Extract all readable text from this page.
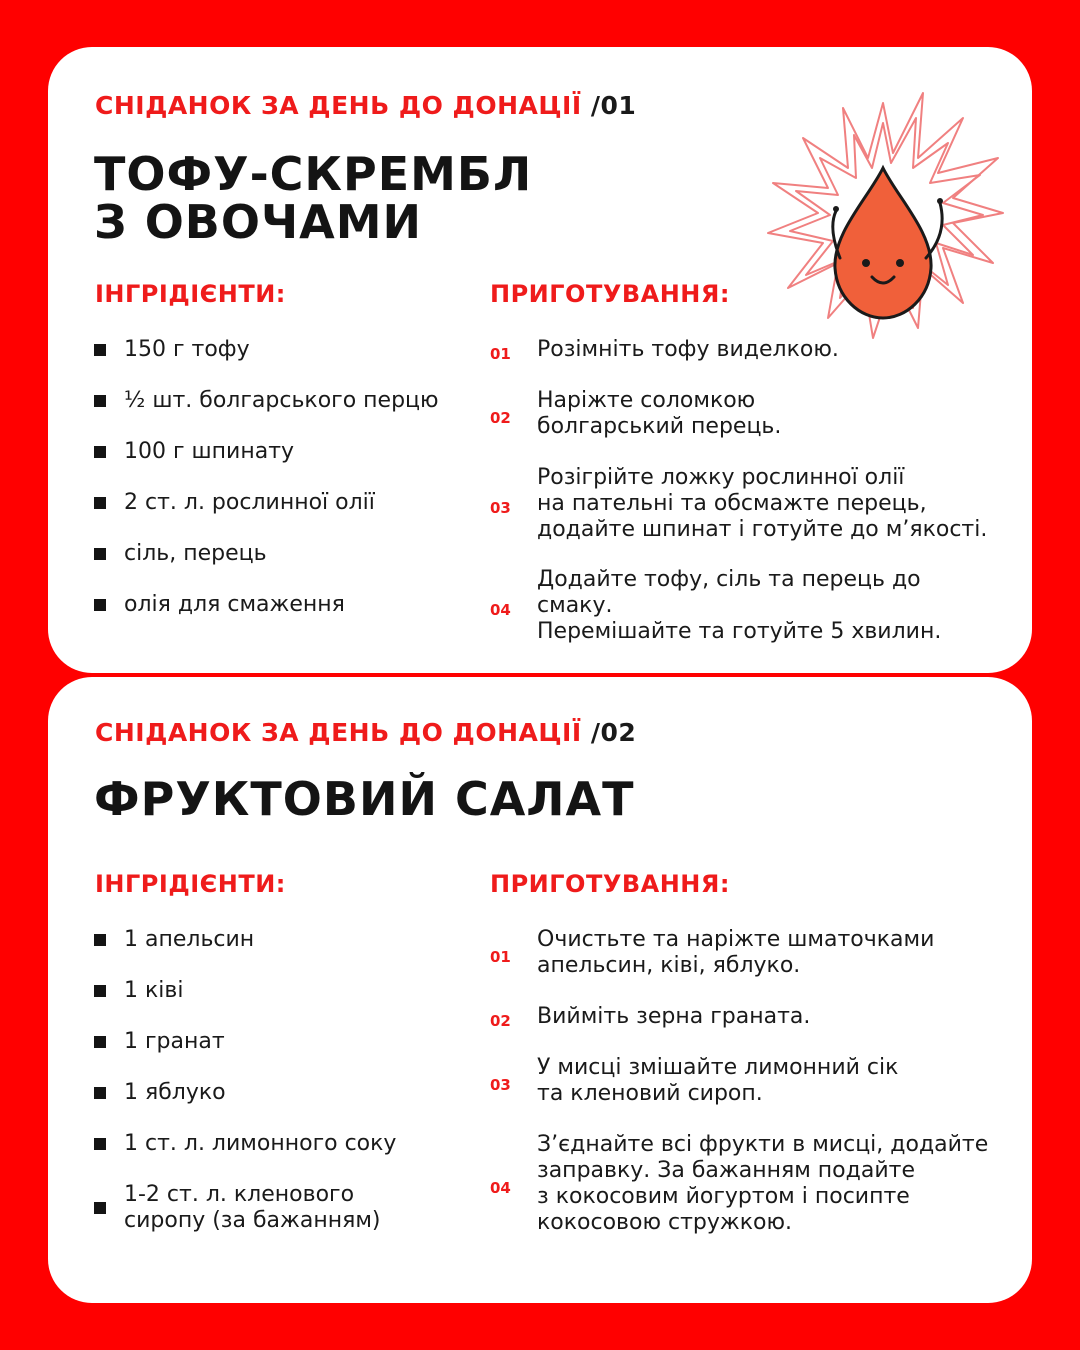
СНІДАНОК ЗА ДЕНЬ ДО ДОНАЦІЇ /01
ТОФУ-СКРЕМБЛ
З ОВОЧАМИ
ІНГРІДІЄНТИ:	ПРИГОТУВАННЯ:
150 г тофу
½ шт. болгарського перцю
100 г шпинату
2 ст. л. рослинної олії
сіль, перець
олія для смаження
01 Розімніть тофу виделкою.
02
Наріжте соломкою
болгарський перець.
03
Розігрійте ложку рослинної олії
на пательні та обсмажте перець,
додайте шпинат і готуйте до м’якості.
04
Додайте тофу, сіль та перець до смаку.
Перемішайте та готуйте 5 хвилин.
СНІДАНОК ЗА ДЕНЬ ДО ДОНАЦІЇ /02
ФРУКТОВИЙ САЛАТ
ІНГРІДІЄНТИ:	ПРИГОТУВАННЯ:
1 апельсин
1 ківі
1 гранат
1 яблуко
1 ст. л. лимонного соку
1-2 ст. л. кленового сиропу (за бажанням)
01
Очистьте та наріжте шматочками
апельсин, ківі, яблуко.
02 Вийміть зерна граната.
03
У мисці змішайте лимонний сік
та кленовий сироп.
04
З’єднайте всі фрукти в мисці, додайте
заправку. За бажанням подайте
з кокосовим йогуртом і посипте
кокосовою стружкою.
